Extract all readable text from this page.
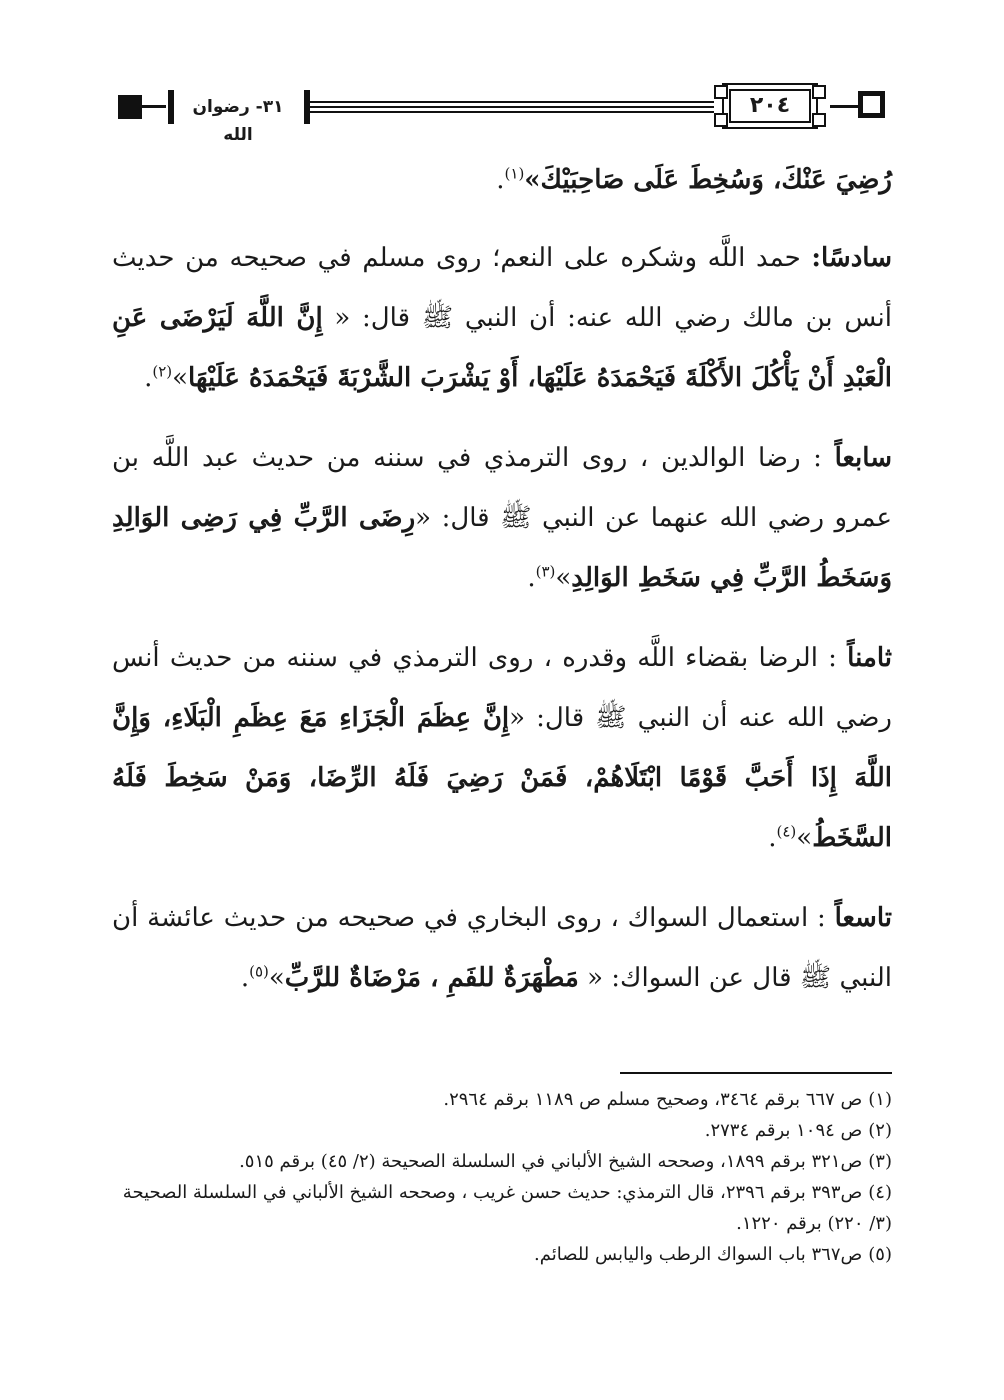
٣١- رضوان الله
٢٠٤

رُضِيَ عَنْكَ، وَسُخِطَ عَلَى صَاحِبَيْكَ»$^{(١)}$.

سادسًا: حمد اللَّه وشكره على النعم؛ روى مسلم في صحيحه من حديث أنس بن مالك رضي الله عنه: أن النبي ﷺ قال: « إِنَّ اللَّهَ لَيَرْضَى عَنِ الْعَبْدِ أَنْ يَأْكُلَ الأَكْلَةَ فَيَحْمَدَهُ عَلَيْهَا، أَوْ يَشْرَبَ الشَّرْبَةَ فَيَحْمَدَهُ عَلَيْهَا»$^{(٢)}$.

سابعاً : رضا الوالدين ، روى الترمذي في سننه من حديث عبد اللَّه بن عمرو رضي الله عنهما عن النبي ﷺ قال: «رِضَى الرَّبِّ فِي رَضِى الوَالِدِ وَسَخَطُ الرَّبِّ فِي سَخَطِ الوَالِدِ»$^{(٣)}$.

ثامناً : الرضا بقضاء اللَّه وقدره ، روى الترمذي في سننه من حديث أنس رضي الله عنه أن النبي ﷺ قال: «إِنَّ عِظَمَ الْجَزَاءِ مَعَ عِظَمِ الْبَلَاءِ، وَإِنَّ اللَّهَ إِذَا أَحَبَّ قَوْمًا ابْتَلَاهُمْ، فَمَنْ رَضِيَ فَلَهُ الرِّضَا، وَمَنْ سَخِطَ فَلَهُ السَّخَطُ»$^{(٤)}$.

تاسعاً : استعمال السواك ، روى البخاري في صحيحه من حديث عائشة أن النبي ﷺ قال عن السواك: « مَطْهَرَةٌ للفَمِ ، مَرْضَاةٌ للرَّبِّ»$^{(٥)}$.

(١)ص ٦٦٧ برقم ٣٤٦٤، وصحيح مسلم ص ١١٨٩ برقم ٢٩٦٤.

(٢)ص ١٠٩٤ برقم ٢٧٣٤.

(٣)ص٣٢١ برقم ١٨٩٩، وصححه الشيخ الألباني في السلسلة الصحيحة (٢/ ٤٥) برقم ٥١٥.

(٤)ص٣٩٣ برقم ٢٣٩٦، قال الترمذي: حديث حسن غريب ، وصححه الشيخ الألباني في السلسلة الصحيحة (٣/ ٢٢٠) برقم ١٢٢٠.

(٥)ص٣٦٧ باب السواك الرطب واليابس للصائم.
